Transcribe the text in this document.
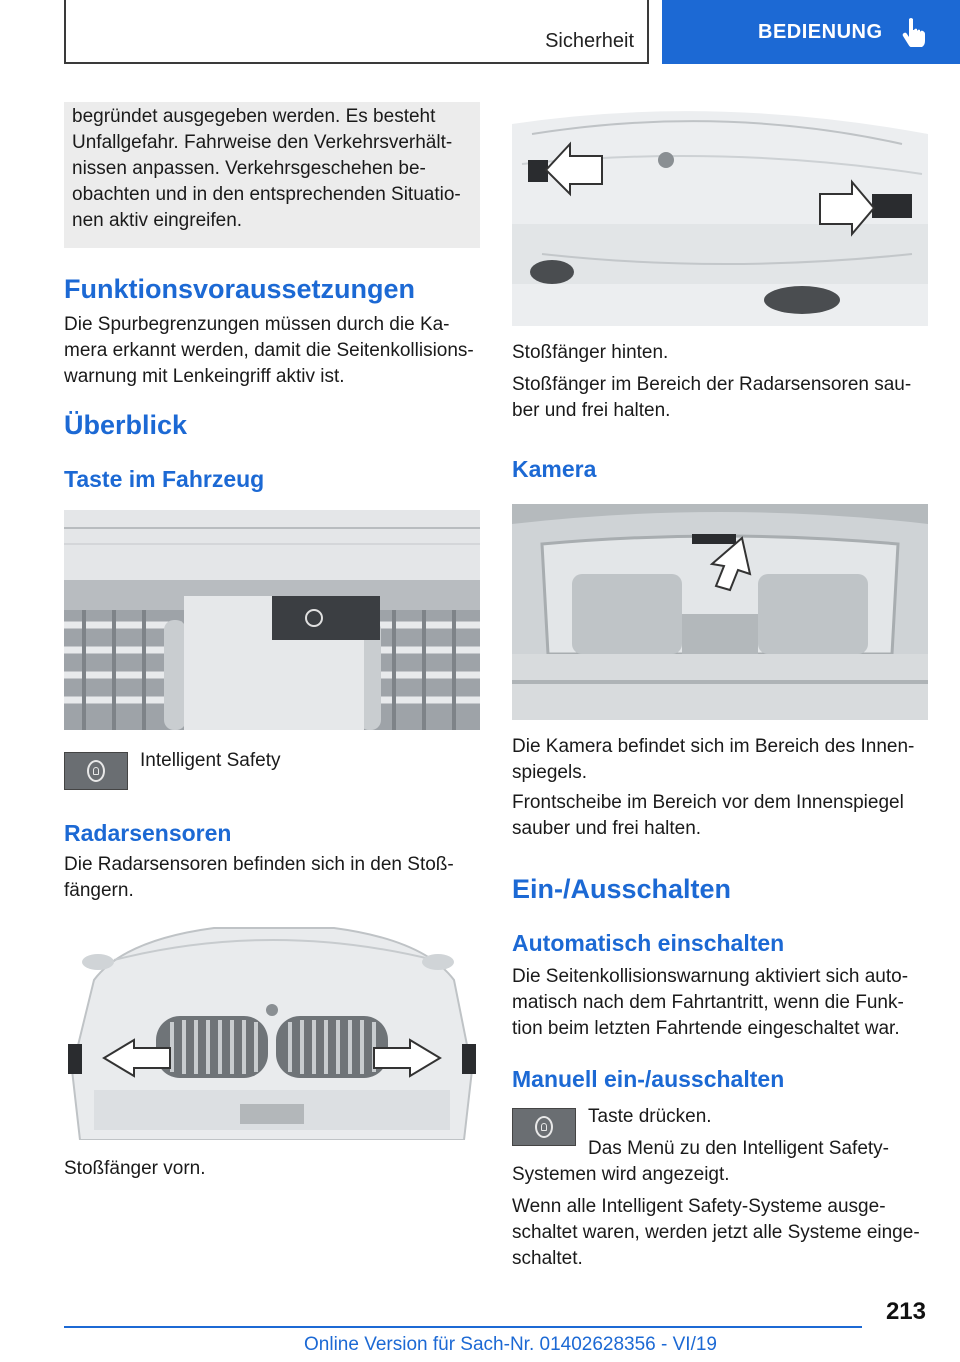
Sicherheit	BEDIENUNG
begründet ausgegeben werden. Es besteht
Unfallgefahr. Fahrweise den Verkehrsverhält-
nissen anpassen. Verkehrsgeschehen be-
obachten und in den entsprechenden Situatio-
nen aktiv eingreifen.
Funktionsvoraussetzungen
Die Spurbegrenzungen müssen durch die Ka-
mera erkannt werden, damit die Seitenkollisions-
warnung mit Lenkeingriff aktiv ist.
Überblick
Taste im Fahrzeug
Intelligent Safety
Radarsensoren
Die Radarsensoren befinden sich in den Stoß-
fängern.
Stoßfänger vorn.
Stoßfänger hinten.
Stoßfänger im Bereich der Radarsensoren sau-
ber und frei halten.
Kamera
Die Kamera befindet sich im Bereich des Innen-
spiegels.
Frontscheibe im Bereich vor dem Innenspiegel
sauber und frei halten.
Ein-/Ausschalten
Automatisch einschalten
Die Seitenkollisionswarnung aktiviert sich auto-
matisch nach dem Fahrtantritt, wenn die Funk-
tion beim letzten Fahrtende eingeschaltet war.
Manuell ein-/ausschalten
Taste drücken.
Das Menü zu den Intelligent Safety-
Systemen wird angezeigt.
Wenn alle Intelligent Safety-Systeme ausge-
schaltet waren, werden jetzt alle Systeme einge-
schaltet.
213
Online Version für Sach-Nr. 01402628356 - VI/19
